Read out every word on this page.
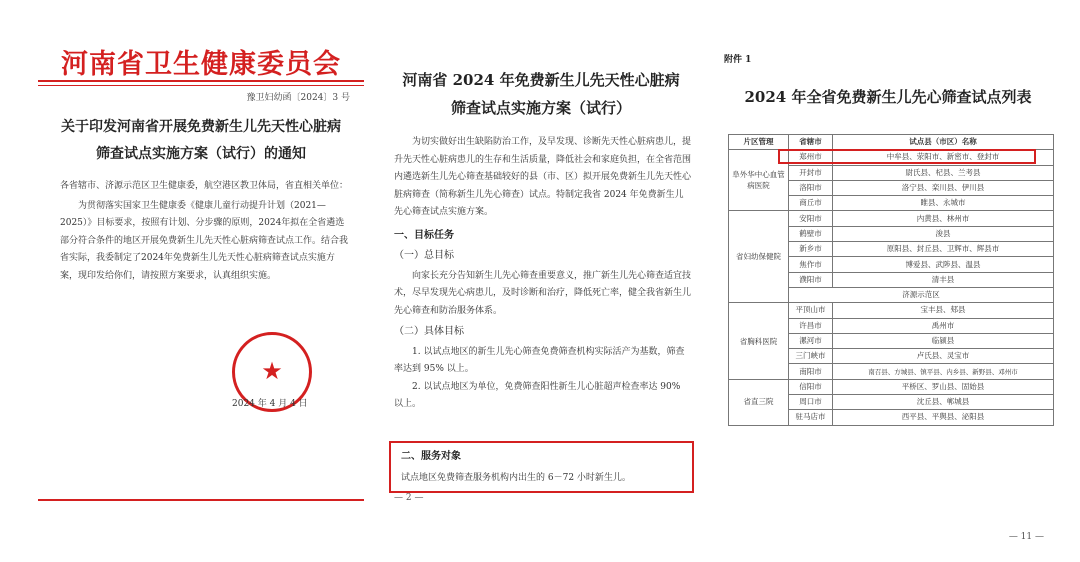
河南省卫生健康委员会
豫卫妇幼函〔2024〕3 号
关于印发河南省开展免费新生儿先天性心脏病
筛查试点实施方案（试行）的通知

各省辖市、济源示范区卫生健康委，航空港区教卫体局，省直相关单位：

为贯彻落实国家卫生健康委《健康儿童行动提升计划（2021—2025）》目标要求，按照有计划、分步骤的原则，2024年拟在全省遴选部分符合条件的地区开展免费新生儿先天性心脏病筛查试点工作。结合我省实际，我委制定了2024年免费新生儿先天性心脏病筛查试点实施方案，现印发给你们，请按照方案要求，认真组织实施。

★
2024 年 4 月 4 日
河南省 2024 年免费新生儿先天性心脏病
筛查试点实施方案（试行）

为切实做好出生缺陷防治工作，及早发现、诊断先天性心脏病患儿，提升先天性心脏病患儿的生存和生活质量，降低社会和家庭负担，在全省范围内遴选新生儿先心筛查基础较好的县（市、区）拟开展免费新生儿先天性心脏病筛查（简称新生儿先心筛查）试点。特制定我省 2024 年免费新生儿先心筛查试点实施方案。

一、目标任务

（一）总目标

向家长充分告知新生儿先心筛查重要意义，推广新生儿先心筛查适宜技术，尽早发现先心病患儿，及时诊断和治疗，降低死亡率，健全我省新生儿先心筛查和防治服务体系。

（二）具体目标

1. 以试点地区的新生儿先心筛查免费筛查机构实际活产为基数，筛查率达到 95% 以上。

2. 以试点地区为单位，免费筛查阳性新生儿心脏超声检查率达 90% 以上。

二、服务对象
试点地区免费筛查服务机构内出生的 6－72 小时新生儿。
— 2 —
附件 1
2024 年全省免费新生儿先心筛查试点列表
片区管理	省辖市	试点县（市区）名称
阜外华中心血管病医院	郑州市	中牟县、荥阳市、新密市、登封市
	开封市	尉氏县、杞县、兰考县
	洛阳市	洛宁县、栾川县、伊川县
	商丘市	睢县、永城市
省妇幼保健院	安阳市	内黄县、林州市
	鹤壁市	浚县
	新乡市	原阳县、封丘县、卫辉市、辉县市
	焦作市	博爱县、武陟县、温县
	濮阳市	清丰县
	济源示范区	
省胸科医院	平顶山市	宝丰县、郏县
	许昌市	禹州市
	漯河市	临颍县
	三门峡市	卢氏县、灵宝市
	南阳市	南召县、方城县、镇平县、内乡县、新野县、邓州市
省直三院	信阳市	平桥区、罗山县、固始县
	周口市	沈丘县、郸城县
	驻马店市	西平县、平舆县、泌阳县
— 11 —
